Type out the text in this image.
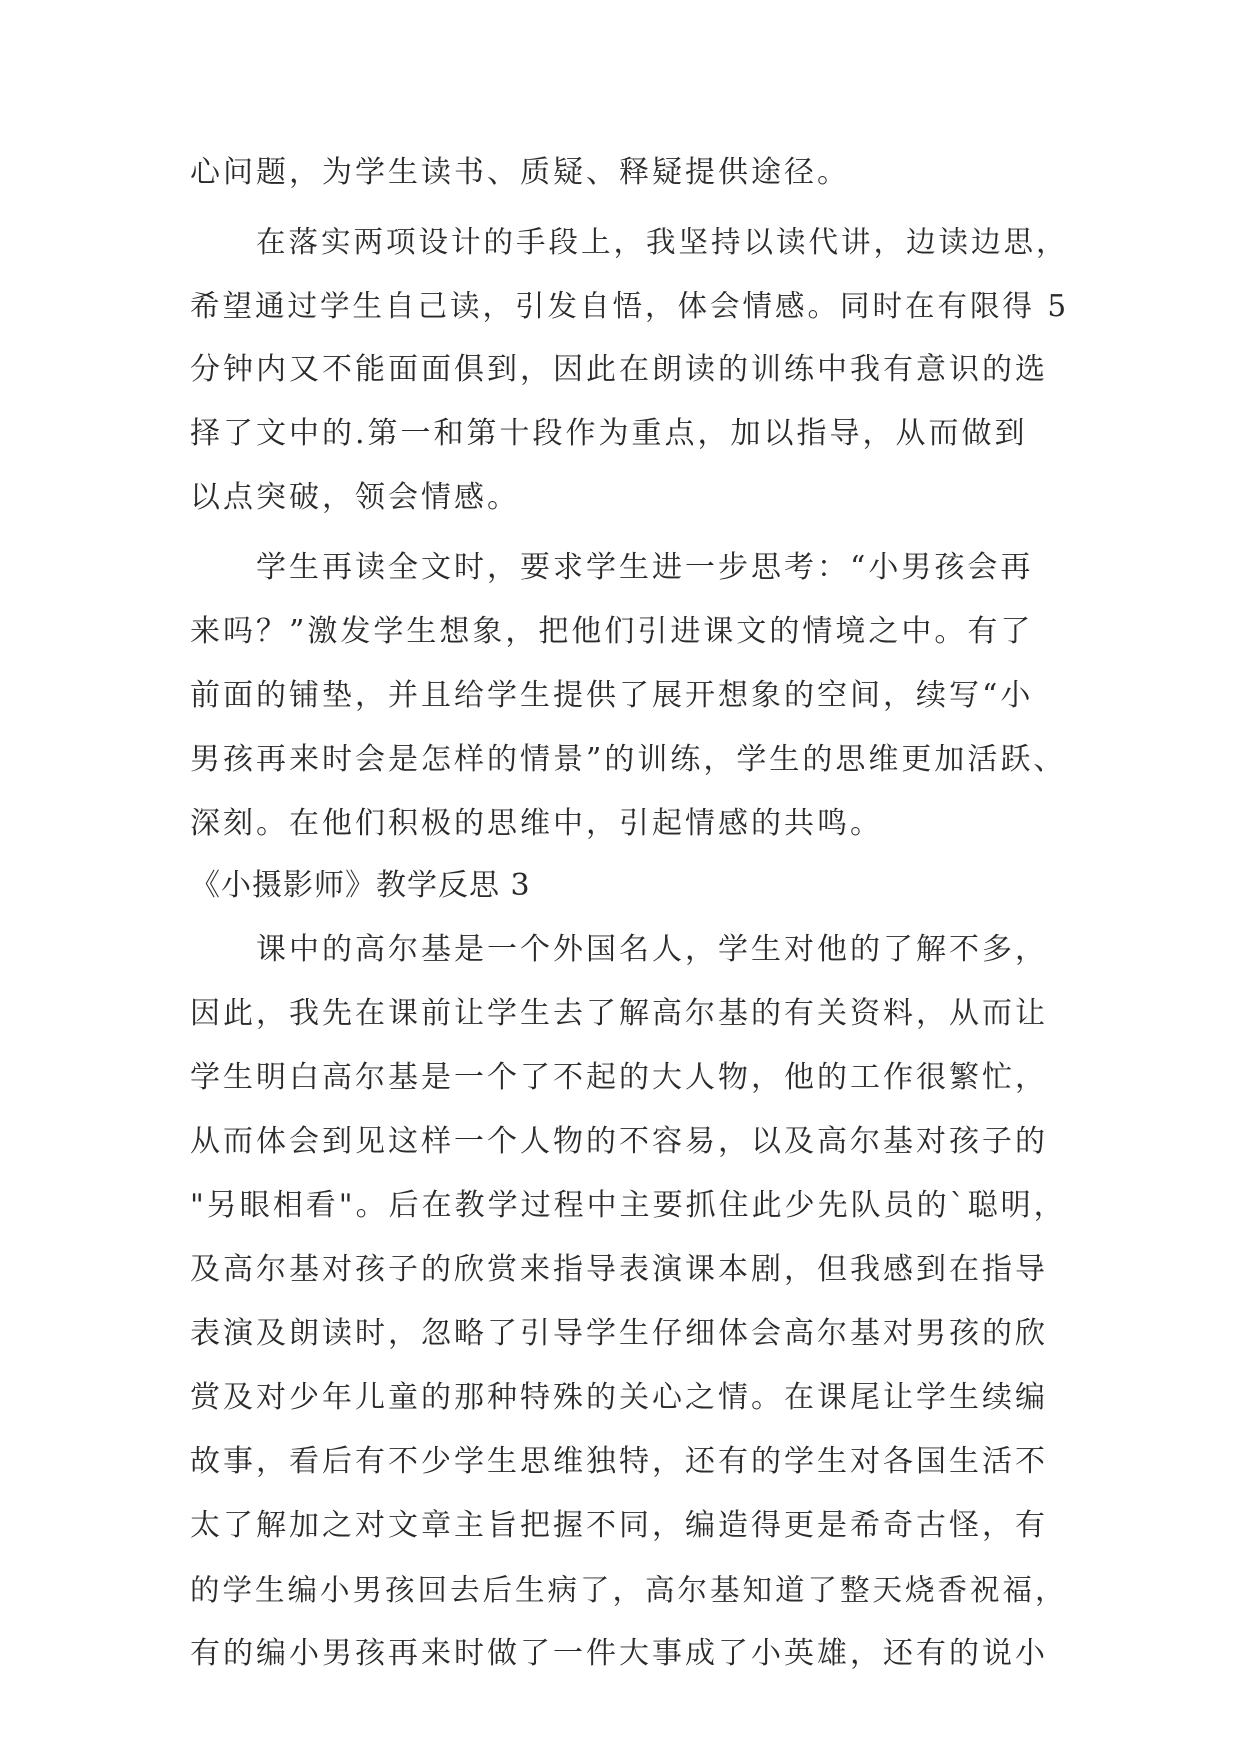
心问题，为学生读书、质疑、释疑提供途径。
在落实两项设计的手段上，我坚持以读代讲，边读边思，
希望通过学生自己读，引发自悟，体会情感。同时在有限得 5
分钟内又不能面面俱到，因此在朗读的训练中我有意识的选
择了文中的.第一和第十段作为重点，加以指导，从而做到
以点突破，领会情感。
学生再读全文时，要求学生进一步思考：“小男孩会再
来吗？”激发学生想象，把他们引进课文的情境之中。有了
前面的铺垫，并且给学生提供了展开想象的空间，续写“小
男孩再来时会是怎样的情景”的训练，学生的思维更加活跃、
深刻。在他们积极的思维中，引起情感的共鸣。
《小摄影师》教学反思 3
课中的高尔基是一个外国名人，学生对他的了解不多，
因此，我先在课前让学生去了解高尔基的有关资料，从而让
学生明白高尔基是一个了不起的大人物，他的工作很繁忙，
从而体会到见这样一个人物的不容易，以及高尔基对孩子的
"另眼相看"。后在教学过程中主要抓住此少先队员的`聪明，
及高尔基对孩子的欣赏来指导表演课本剧，但我感到在指导
表演及朗读时，忽略了引导学生仔细体会高尔基对男孩的欣
赏及对少年儿童的那种特殊的关心之情。在课尾让学生续编
故事，看后有不少学生思维独特，还有的学生对各国生活不
太了解加之对文章主旨把握不同，编造得更是希奇古怪，有
的学生编小男孩回去后生病了，高尔基知道了整天烧香祝福，
有的编小男孩再来时做了一件大事成了小英雄，还有的说小
